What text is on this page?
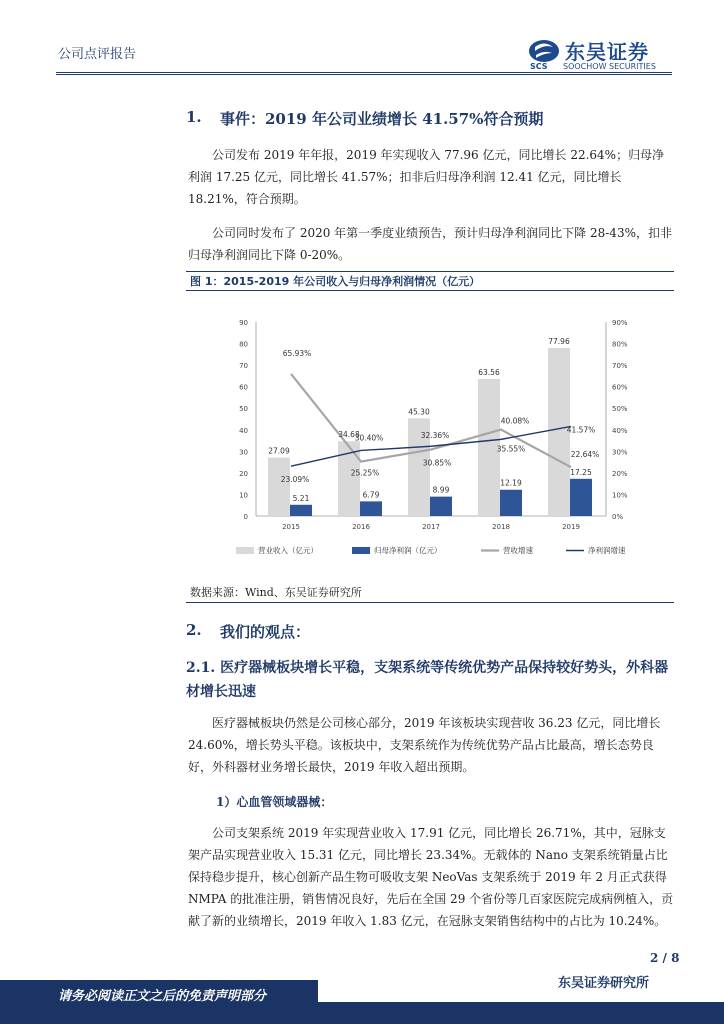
公司点评报告
SCS
东吴证券
SOOCHOW SECURITIES
1. 事件：2019 年公司业绩增长 41.57%符合预期
公司发布 2019 年年报，2019 年实现收入 77.96 亿元，同比增长 22.64%；归母净利润 17.25 亿元，同比增长 41.57%；扣非后归母净利润 12.41 亿元，同比增长 18.21%，符合预期。
公司同时发布了 2020 年第一季度业绩预告，预计归母净利润同比下降 28-43%，扣非归母净利润同比下降 0-20%。
图 1：2015-2019 年公司收入与归母净利润情况（亿元）
0
10
20
30
40
50
60
70
80
90
0%
10%
20%
30%
40%
50%
60%
70%
80%
90%
2015	2016	2017	2018	2019
27.09
34.68
45.30
63.56
77.96
5.21	6.79
8.99
12.19
17.25
65.93%
25.25%
30.85%
40.08%
22.64%
23.09%
30.40%	32.36%
35.55%
41.57%
营业收入（亿元）	归母净利润（亿元）	营收增速	净利润增速
数据来源：Wind、东吴证券研究所
2. 我们的观点：
2.1. 医疗器械板块增长平稳，支架系统等传统优势产品保持较好势头，外科器材增长迅速
医疗器械板块仍然是公司核心部分，2019 年该板块实现营收 36.23 亿元，同比增长 24.60%，增长势头平稳。该板块中，支架系统作为传统优势产品占比最高，增长态势良好，外科器材业务增长最快，2019 年收入超出预期。
1）心血管领域器械：
公司支架系统 2019 年实现营业收入 17.91 亿元，同比增长 26.71%，其中，冠脉支架产品实现营业收入 15.31 亿元，同比增长 23.34%。无载体的 Nano 支架系统销量占比保持稳步提升，核心创新产品生物可吸收支架 NeoVas 支架系统于 2019 年 2 月正式获得 NMPA 的批准注册，销售情况良好，先后在全国 29 个省份等几百家医院完成病例植入，贡献了新的业绩增长，2019 年收入 1.83 亿元，在冠脉支架销售结构中的占比为 10.24%。
2 / 8
请务必阅读正文之后的免责声明部分
东吴证券研究所
